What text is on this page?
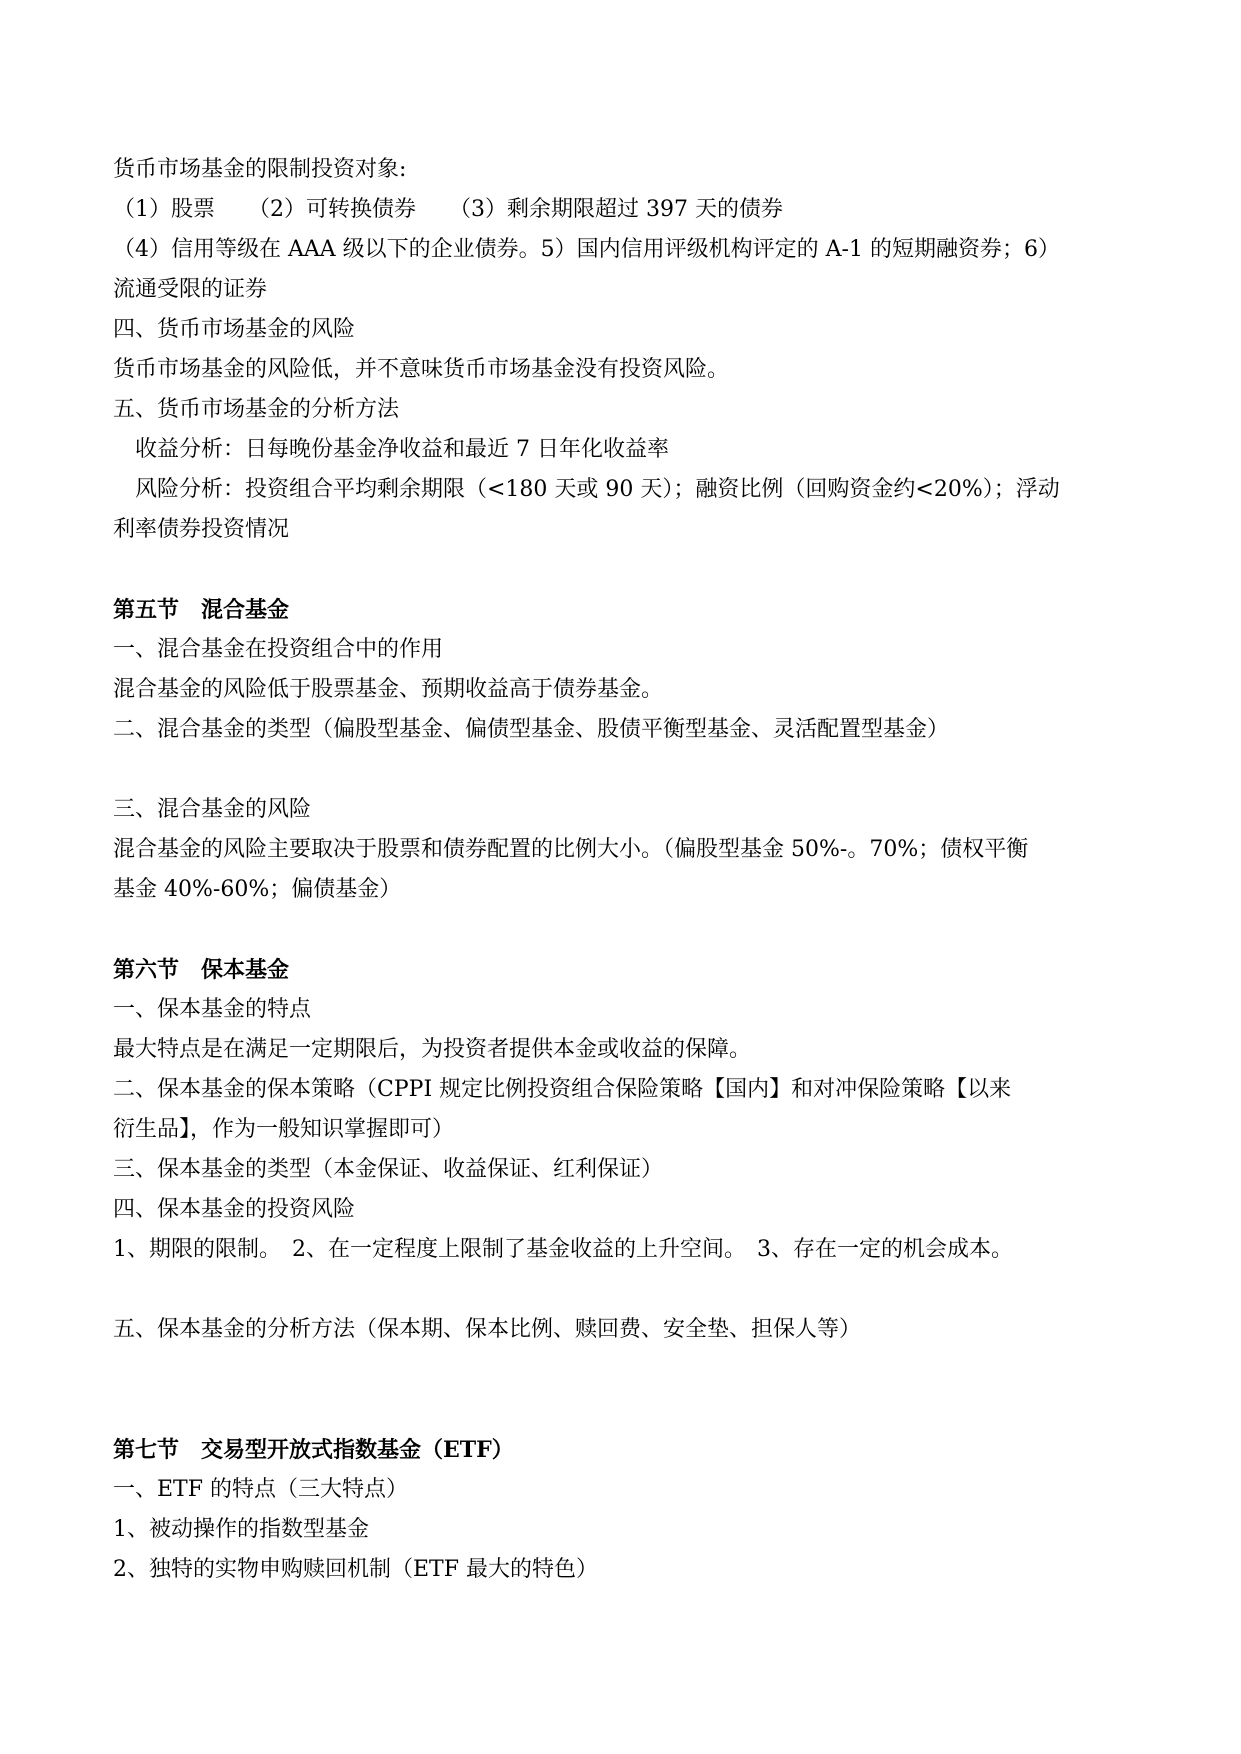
货币市场基金的限制投资对象:
（1）股票　　（2）可转换债券　　（3）剩余期限超过 397 天的债券
（4）信用等级在 AAA 级以下的企业债券。5）国内信用评级机构评定的 A-1 的短期融资券；6）
流通受限的证券
四、货币市场基金的风险
货币市场基金的风险低，并不意味货币市场基金没有投资风险。
五、货币市场基金的分析方法
　收益分析：日每晚份基金净收益和最近 7 日年化收益率
　风险分析：投资组合平均剩余期限（<180 天或 90 天）；融资比例（回购资金约<20%）；浮动
利率债券投资情况
第五节　混合基金
一、混合基金在投资组合中的作用
混合基金的风险低于股票基金、预期收益高于债券基金。
二、混合基金的类型（偏股型基金、偏债型基金、股债平衡型基金、灵活配置型基金）
三、混合基金的风险
混合基金的风险主要取决于股票和债券配置的比例大小。（偏股型基金 50%-。70%；债权平衡
基金 40%-60%；偏债基金）
第六节　保本基金
一、保本基金的特点
最大特点是在满足一定期限后，为投资者提供本金或收益的保障。
二、保本基金的保本策略（CPPI 规定比例投资组合保险策略【国内】和对冲保险策略【以来
衍生品】，作为一般知识掌握即可）
三、保本基金的类型（本金保证、收益保证、红利保证）
四、保本基金的投资风险
1、期限的限制。　2、在一定程度上限制了基金收益的上升空间。　3、存在一定的机会成本。
五、保本基金的分析方法（保本期、保本比例、赎回费、安全垫、担保人等）
第七节　交易型开放式指数基金（ETF）
一、ETF 的特点（三大特点）
1、被动操作的指数型基金
2、独特的实物申购赎回机制（ETF 最大的特色）
